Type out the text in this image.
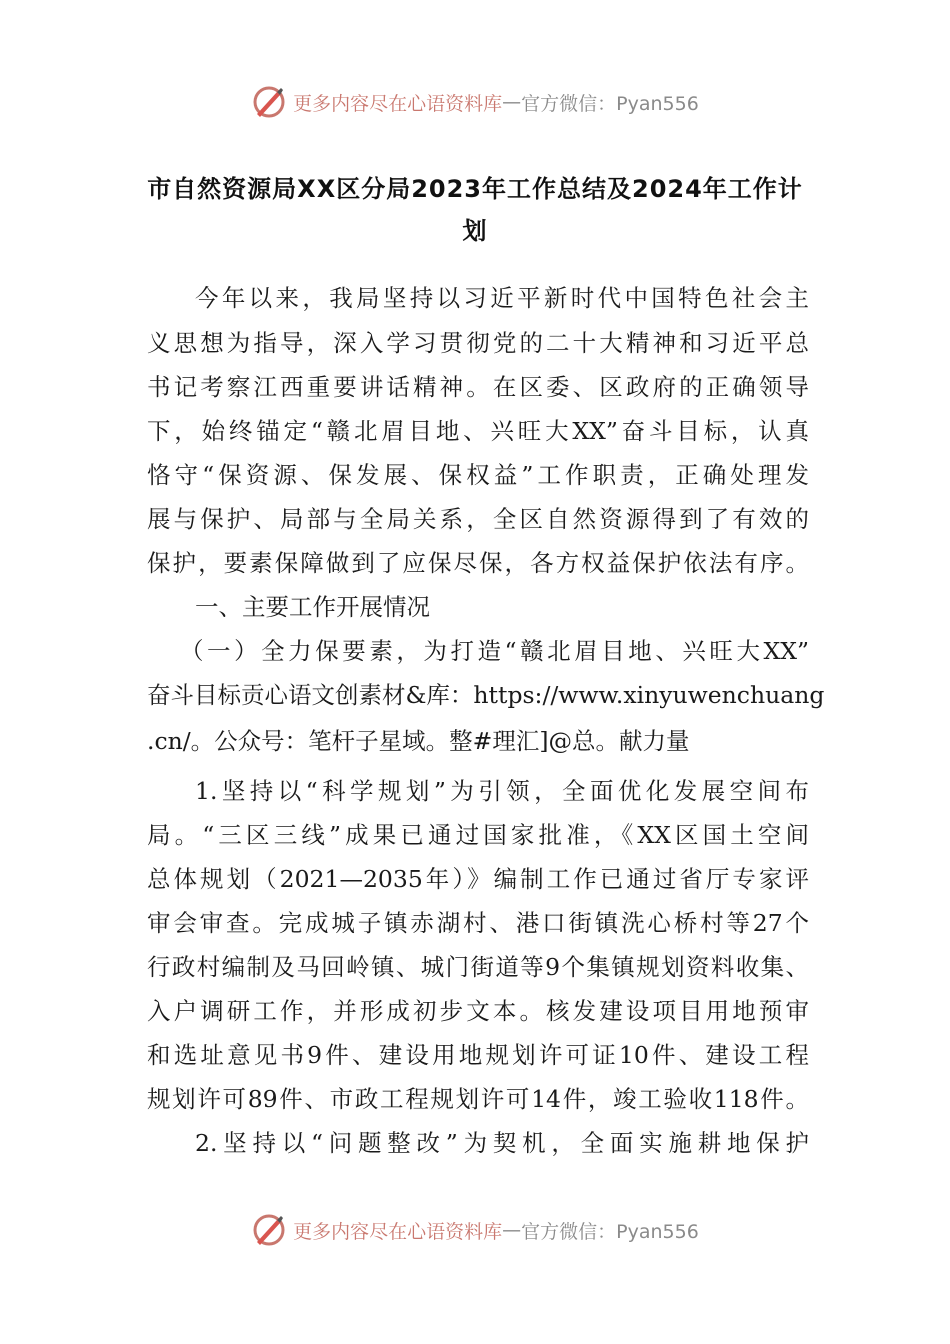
更多内容尽在心语资料库 — 官方微信：Pyan556
市自然资源局XX区分局2023年工作总结及2024年工作计
划
今年以来，我局坚持以习近平新时代中国特色社会主
义思想为指导，深入学习贯彻党的二十大精神和习近平总
书记考察江西重要讲话精神。在区委、区政府的正确领导
下，始终锚定“赣北眉目地、兴旺大XX”奋斗目标，认真
恪守“保资源、保发展、保权益”工作职责，正确处理发
展与保护、局部与全局关系，全区自然资源得到了有效的
保护，要素保障做到了应保尽保，各方权益保护依法有序。
一、主要工作开展情况
（一）全力保要素，为打造“赣北眉目地、兴旺大XX”
奋斗目标贡心语文创素材&库：https://www.xinyuwenchuang
.cn/。公众号：笔杆子星域。整#理汇]@总。献力量
1.坚持以“科学规划”为引领，全面优化发展空间布
局。“三区三线”成果已通过国家批准，《XX区国土空间
总体规划（2021—2035年）》编制工作已通过省厅专家评
审会审查。完成城子镇赤湖村、港口街镇洗心桥村等27个
行政村编制及马回岭镇、城门街道等9个集镇规划资料收集、
入户调研工作，并形成初步文本。核发建设项目用地预审
和选址意见书9件、建设用地规划许可证10件、建设工程
规划许可89件、市政工程规划许可14件，竣工验收118件。
2.坚持以“问题整改”为契机，全面实施耕地保护
更多内容尽在心语资料库 — 官方微信：Pyan556
